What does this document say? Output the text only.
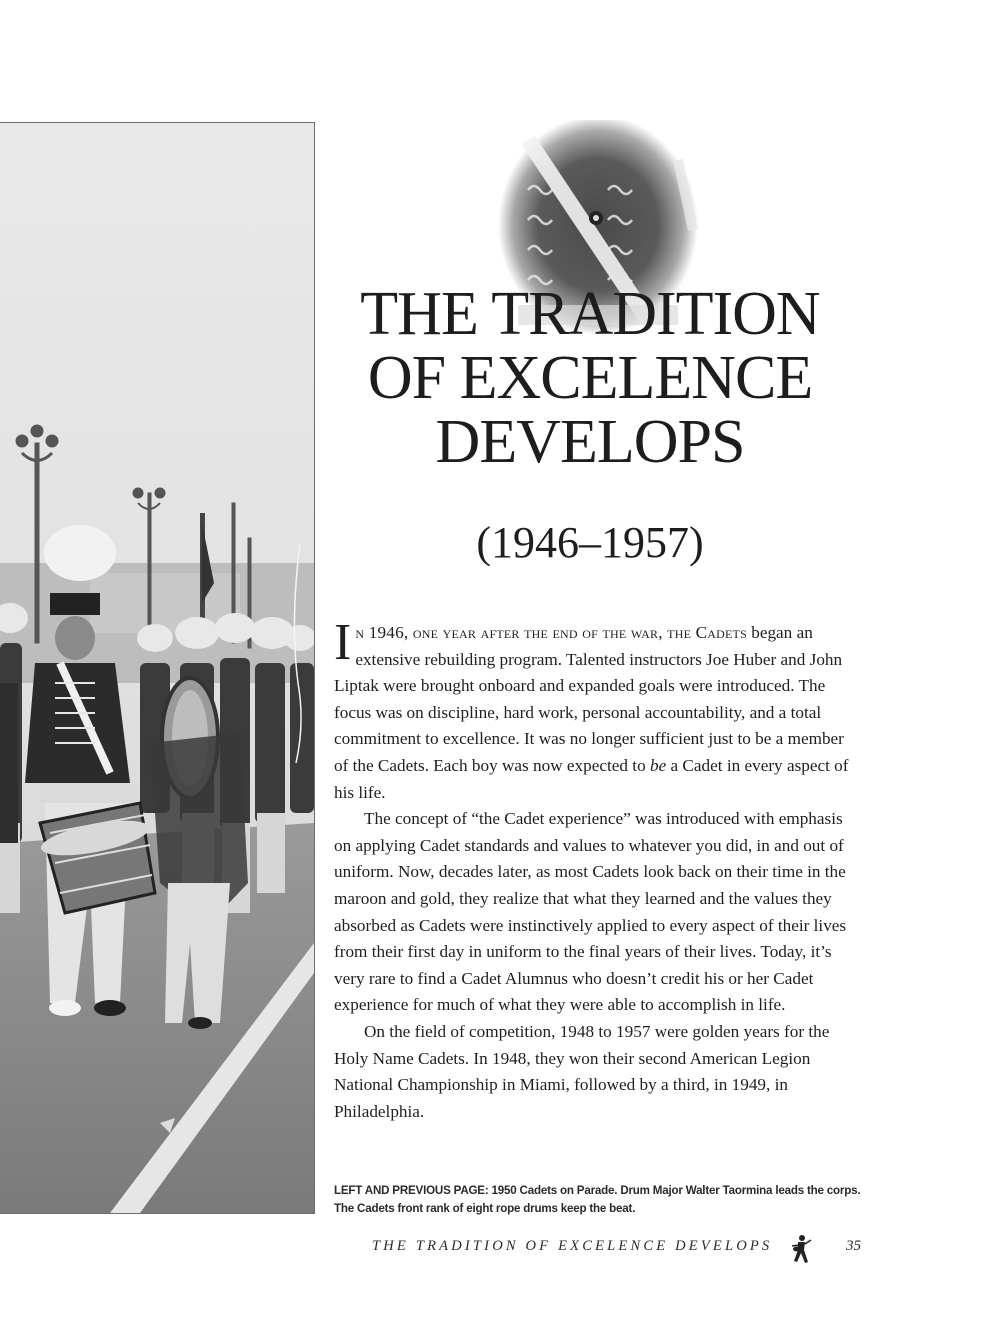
THE TRADITION
OF EXCELENCE
DEVELOPS
(1946–1957)

In 1946, one year after the end of the war, the Cadets began an extensive rebuilding program. Talented instructors Joe Huber and John Liptak were brought onboard and expanded goals were introduced. The focus was on discipline, hard work, personal accountability, and a total commitment to excellence. It was no longer sufficient just to be a member of the Cadets. Each boy was now expected to be a Cadet in every aspect of his life.

The concept of “the Cadet experience” was introduced with emphasis on applying Cadet standards and values to whatever you did, in and out of uniform. Now, decades later, as most Cadets look back on their time in the maroon and gold, they realize that what they learned and the values they absorbed as Cadets were instinctively applied to every aspect of their lives from their first day in uniform to the final years of their lives. Today, it’s very rare to find a Cadet Alumnus who doesn’t credit his or her Cadet experience for much of what they were able to accomplish in life.

On the field of competition, 1948 to 1957 were golden years for the Holy Name Cadets. In 1948, they won their second American Legion National Championship in Miami, followed by a third, in 1949, in Philadelphia.

LEFT AND PREVIOUS PAGE: 1950 Cadets on Parade. Drum Major Walter Taormina leads the corps.
The Cadets front rank of eight rope drums keep the beat.
THE TRADITION OF EXCELENCE DEVELOPS	35
